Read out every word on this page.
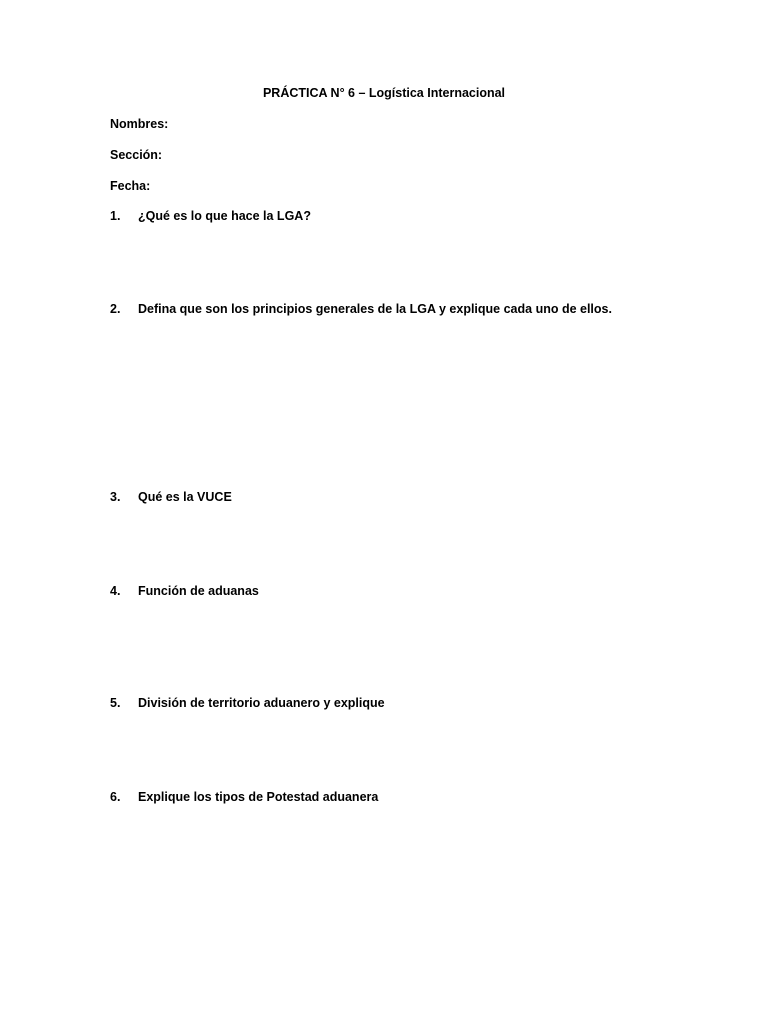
PRÁCTICA N° 6 – Logística Internacional
Nombres:
Sección:
Fecha:
1. ¿Qué es lo que hace la LGA?
2. Defina que son los principios generales de la LGA y explique cada uno de ellos.
3. Qué es la VUCE
4. Función de aduanas
5. División de territorio aduanero y explique
6. Explique los tipos de Potestad aduanera
